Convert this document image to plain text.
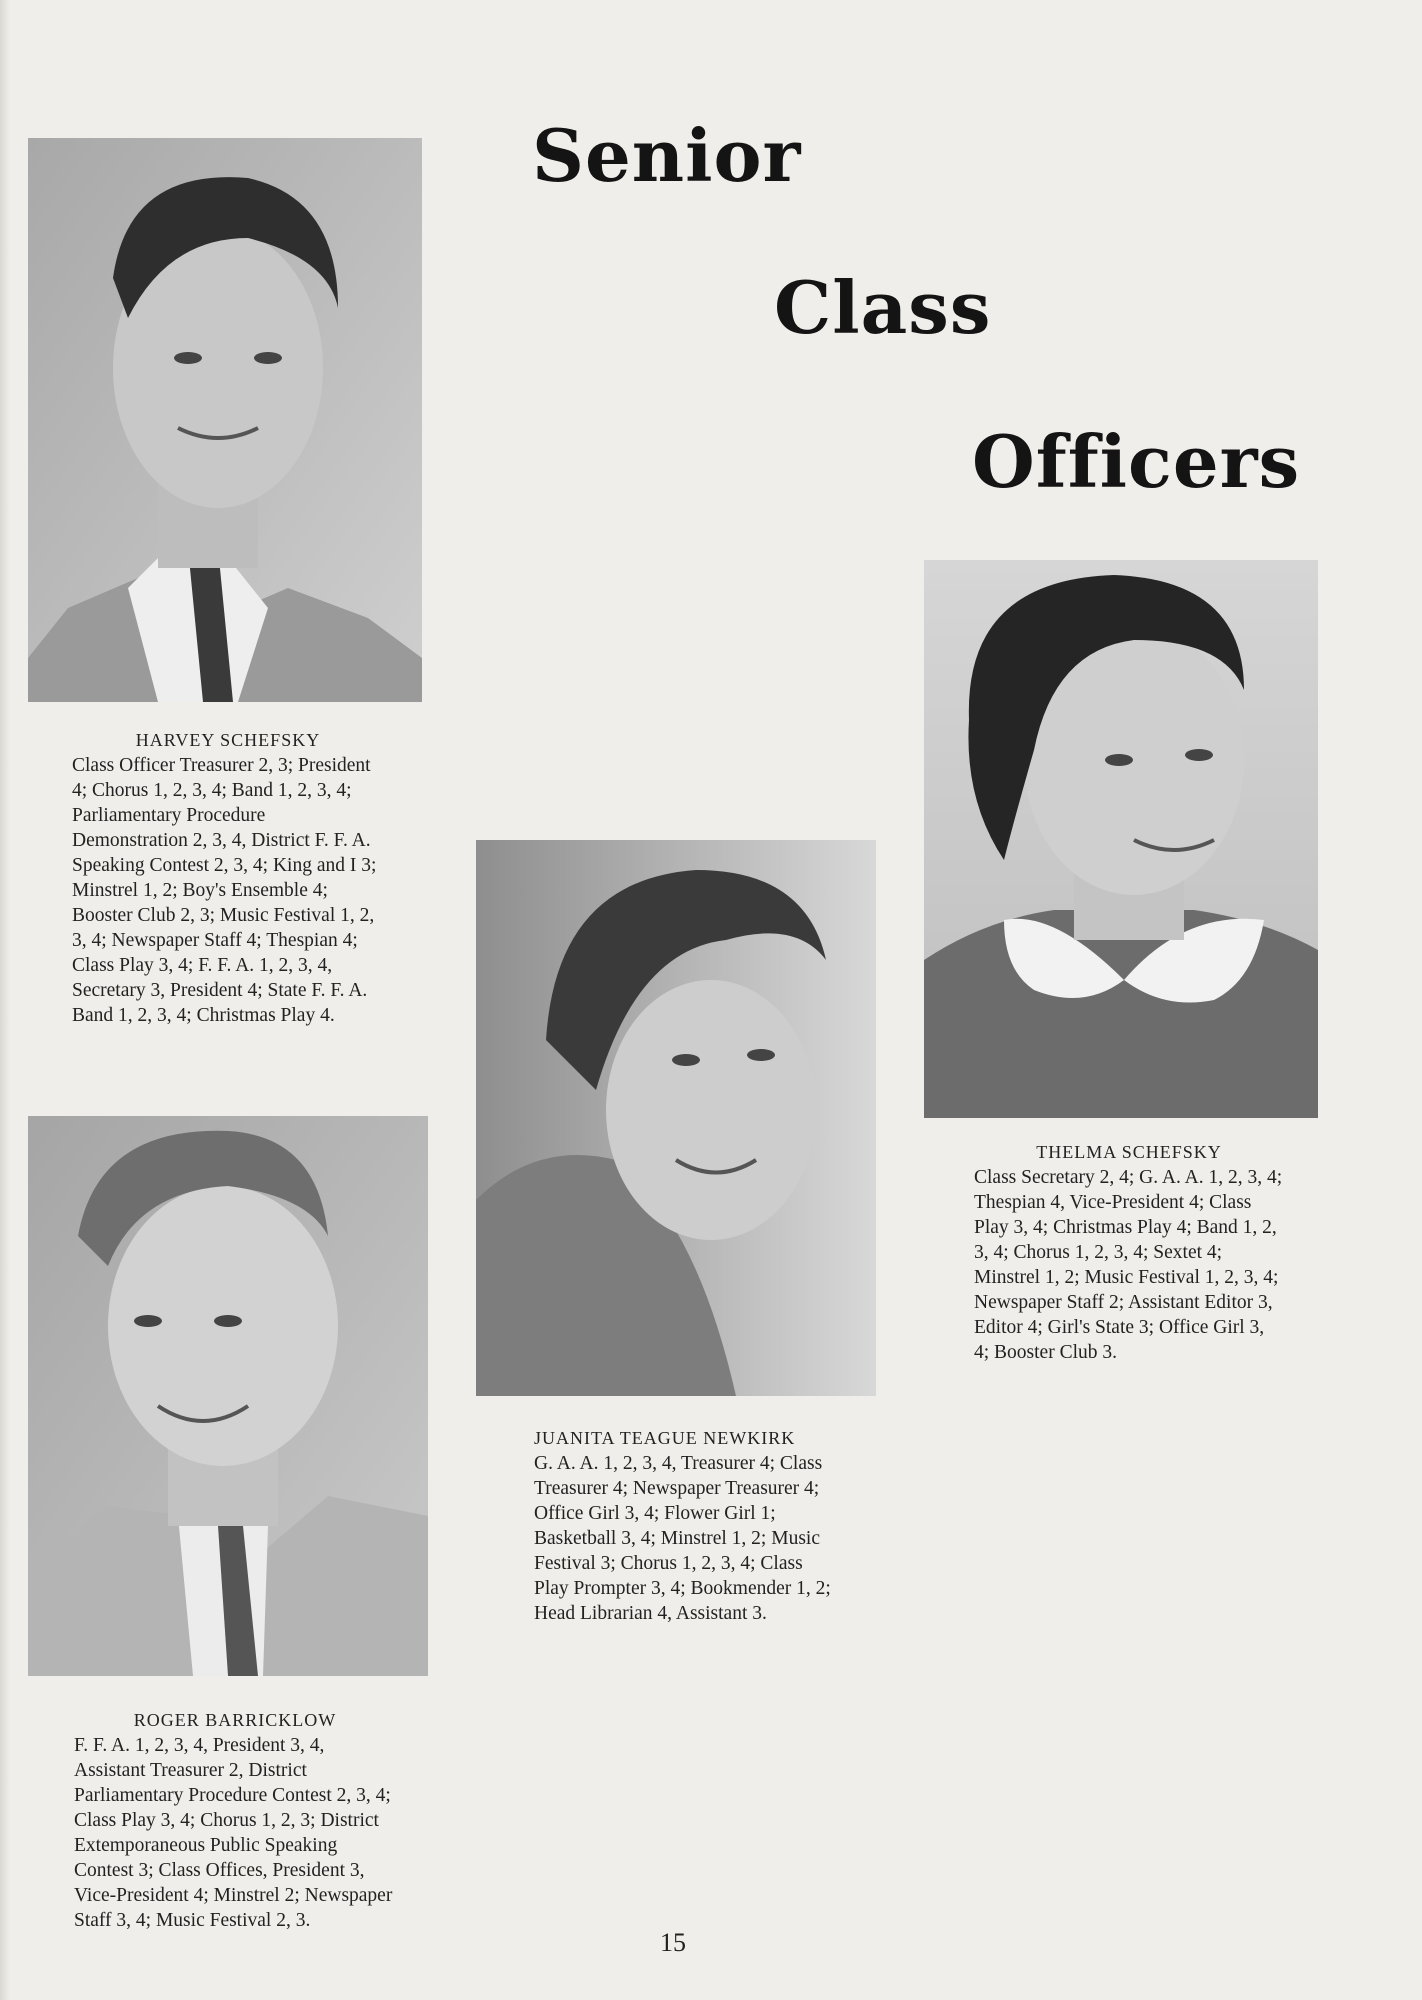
Senior
Class
Officers
HARVEY SCHEFSKY
Class Officer Treasurer 2, 3; President 4; Chorus 1, 2, 3, 4; Band 1, 2, 3, 4; Parliamentary Procedure Demonstration 2, 3, 4, District F. F. A. Speaking Contest 2, 3, 4; King and I 3; Minstrel 1, 2; Boy's Ensemble 4; Booster Club 2, 3; Music Festival 1, 2, 3, 4; Newspaper Staff 4; Thespian 4; Class Play 3, 4; F. F. A. 1, 2, 3, 4, Secretary 3, President 4; State F. F. A. Band 1, 2, 3, 4; Christmas Play 4.
JUANITA TEAGUE NEWKIRK
G. A. A. 1, 2, 3, 4, Treasurer 4; Class Treasurer 4; Newspaper Treasurer 4; Office Girl 3, 4; Flower Girl 1; Basketball 3, 4; Minstrel 1, 2; Music Festival 3; Chorus 1, 2, 3, 4; Class Play Prompter 3, 4; Bookmender 1, 2; Head Librarian 4, Assistant 3.
THELMA SCHEFSKY
Class Secretary 2, 4; G. A. A. 1, 2, 3, 4; Thespian 4, Vice-President 4; Class Play 3, 4; Christmas Play 4; Band 1, 2, 3, 4; Chorus 1, 2, 3, 4; Sextet 4; Minstrel 1, 2; Music Festival 1, 2, 3, 4; Newspaper Staff 2; Assistant Editor 3, Editor 4; Girl's State 3; Office Girl 3, 4; Booster Club 3.
ROGER BARRICKLOW
F. F. A. 1, 2, 3, 4, President 3, 4, Assistant Treasurer 2, District Parliamentary Procedure Contest 2, 3, 4; Class Play 3, 4; Chorus 1, 2, 3; District Extemporaneous Public Speaking Contest 3; Class Offices, President 3, Vice-President 4; Minstrel 2; Newspaper Staff 3, 4; Music Festival 2, 3.
15
